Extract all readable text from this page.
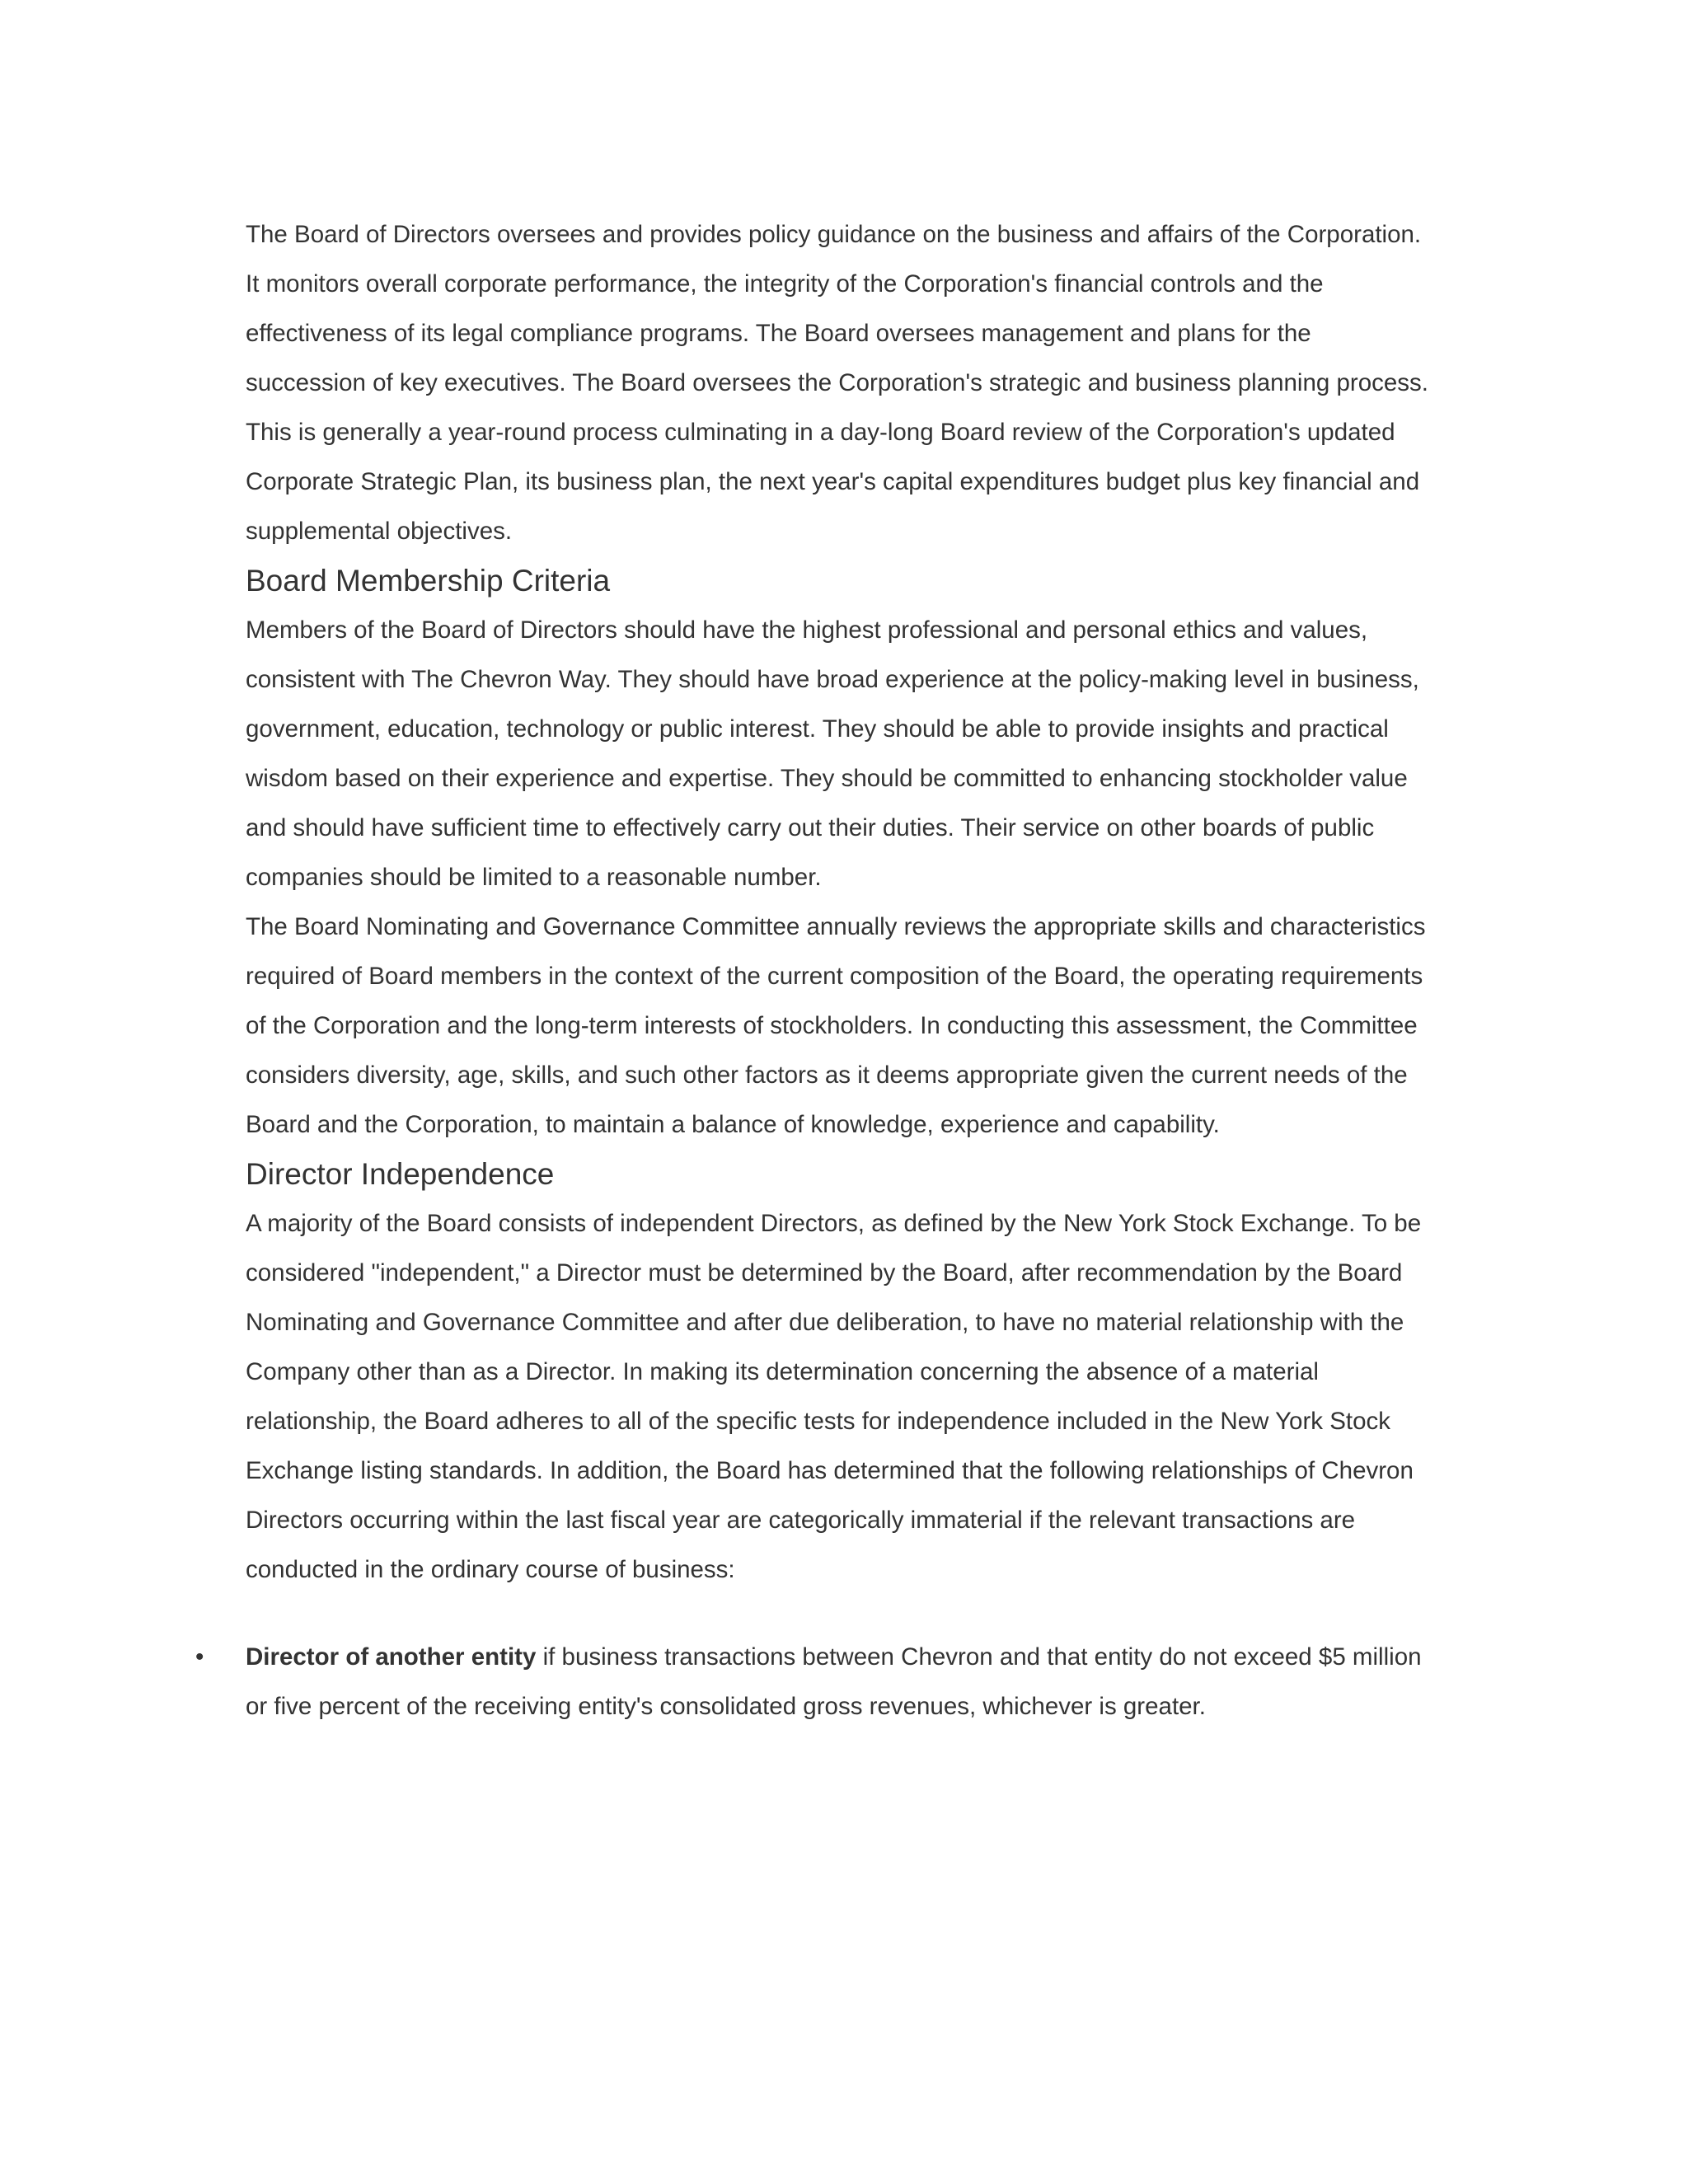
The Board of Directors oversees and provides policy guidance on the business and affairs of the Corporation. It monitors overall corporate performance, the integrity of the Corporation's financial controls and the effectiveness of its legal compliance programs. The Board oversees management and plans for the succession of key executives. The Board oversees the Corporation's strategic and business planning process. This is generally a year-round process culminating in a day-long Board review of the Corporation's updated Corporate Strategic Plan, its business plan, the next year's capital expenditures budget plus key financial and supplemental objectives.

Board Membership Criteria

Members of the Board of Directors should have the highest professional and personal ethics and values, consistent with The Chevron Way. They should have broad experience at the policy-making level in business, government, education, technology or public interest. They should be able to provide insights and practical wisdom based on their experience and expertise. They should be committed to enhancing stockholder value and should have sufficient time to effectively carry out their duties. Their service on other boards of public companies should be limited to a reasonable number.

The Board Nominating and Governance Committee annually reviews the appropriate skills and characteristics required of Board members in the context of the current composition of the Board, the operating requirements of the Corporation and the long-term interests of stockholders. In conducting this assessment, the Committee considers diversity, age, skills, and such other factors as it deems appropriate given the current needs of the Board and the Corporation, to maintain a balance of knowledge, experience and capability.

Director Independence

A majority of the Board consists of independent Directors, as defined by the New York Stock Exchange. To be considered "independent," a Director must be determined by the Board, after recommendation by the Board Nominating and Governance Committee and after due deliberation, to have no material relationship with the Company other than as a Director. In making its determination concerning the absence of a material relationship, the Board adheres to all of the specific tests for independence included in the New York Stock Exchange listing standards. In addition, the Board has determined that the following relationships of Chevron Directors occurring within the last fiscal year are categorically immaterial if the relevant transactions are conducted in the ordinary course of business:

• Director of another entity if business transactions between Chevron and that entity do not exceed $5 million or five percent of the receiving entity's consolidated gross revenues, whichever is greater.
